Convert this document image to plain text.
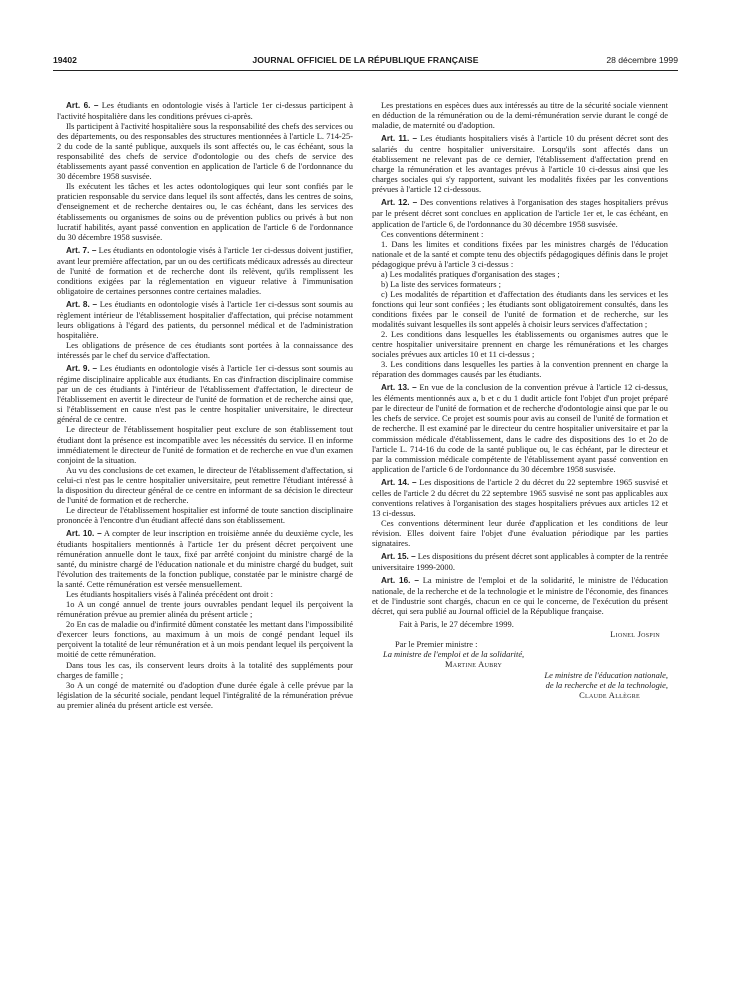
19402	JOURNAL OFFICIEL DE LA RÉPUBLIQUE FRANÇAISE	28 décembre 1999

Art. 6. – Les étudiants en odontologie visés à l'article 1er ci-dessus participent à l'activité hospitalière dans les conditions prévues ci-après.

Ils participent à l'activité hospitalière sous la responsabilité des chefs des services ou des départements, ou des responsables des structures mentionnées à l'article L. 714-25-2 du code de la santé publique, auxquels ils sont affectés ou, le cas échéant, sous la responsabilité des chefs de service d'odontologie ou des chefs de service des établissements ayant passé convention en application de l'article 6 de l'ordonnance du 30 décembre 1958 susvisée.

Ils exécutent les tâches et les actes odontologiques qui leur sont confiés par le praticien responsable du service dans lequel ils sont affectés, dans les centres de soins, d'enseignement et de recherche dentaires ou, le cas échéant, dans les services des établissements ou organismes de soins ou de prévention publics ou privés à but non lucratif habilités, ayant passé convention en application de l'article 6 de l'ordonnance du 30 décembre 1958 susvisée.

Art. 7. – Les étudiants en odontologie visés à l'article 1er ci-dessus doivent justifier, avant leur première affectation, par un ou des certificats médicaux adressés au directeur de l'unité de formation et de recherche dont ils relèvent, qu'ils remplissent les conditions exigées par la réglementation en vigueur relative à l'immunisation obligatoire de certaines personnes contre certaines maladies.

Art. 8. – Les étudiants en odontologie visés à l'article 1er ci-dessus sont soumis au règlement intérieur de l'établissement hospitalier d'affectation, qui précise notamment leurs obligations à l'égard des patients, du personnel médical et de l'administration hospitalière.

Les obligations de présence de ces étudiants sont portées à la connaissance des intéressés par le chef du service d'affectation.

Art. 9. – Les étudiants en odontologie visés à l'article 1er ci-dessus sont soumis au régime disciplinaire applicable aux étudiants. En cas d'infraction disciplinaire commise par un de ces étudiants à l'intérieur de l'établissement d'affectation, le directeur de l'établissement en avertit le directeur de l'unité de formation et de recherche ainsi que, si l'établissement en cause n'est pas le centre hospitalier universitaire, le directeur général de ce centre.

Le directeur de l'établissement hospitalier peut exclure de son établissement tout étudiant dont la présence est incompatible avec les nécessités du service. Il en informe immédiatement le directeur de l'unité de formation et de recherche en vue d'un examen conjoint de la situation.

Au vu des conclusions de cet examen, le directeur de l'établissement d'affectation, si celui-ci n'est pas le centre hospitalier universitaire, peut remettre l'étudiant intéressé à la disposition du directeur général de ce centre en informant de sa décision le directeur de l'unité de formation et de recherche.

Le directeur de l'établissement hospitalier est informé de toute sanction disciplinaire prononcée à l'encontre d'un étudiant affecté dans son établissement.

Art. 10. – A compter de leur inscription en troisième année du deuxième cycle, les étudiants hospitaliers mentionnés à l'article 1er du présent décret perçoivent une rémunération annuelle dont le taux, fixé par arrêté conjoint du ministre chargé de la santé, du ministre chargé de l'éducation nationale et du ministre chargé du budget, suit l'évolution des traitements de la fonction publique, constatée par le ministre chargé de la santé. Cette rémunération est versée mensuellement.

Les étudiants hospitaliers visés à l'alinéa précédent ont droit :

1o A un congé annuel de trente jours ouvrables pendant lequel ils perçoivent la rémunération prévue au premier alinéa du présent article ;

2o En cas de maladie ou d'infirmité dûment constatée les mettant dans l'impossibilité d'exercer leurs fonctions, au maximum à un mois de congé pendant lequel ils perçoivent la totalité de leur rémunération et à un mois pendant lequel ils perçoivent la moitié de cette rémunération.

Dans tous les cas, ils conservent leurs droits à la totalité des suppléments pour charges de famille ;

3o A un congé de maternité ou d'adoption d'une durée égale à celle prévue par la législation de la sécurité sociale, pendant lequel l'intégralité de la rémunération prévue au premier alinéa du présent article est versée.

Les prestations en espèces dues aux intéressés au titre de la sécurité sociale viennent en déduction de la rémunération ou de la demi-rémunération servie durant le congé de maladie, de maternité ou d'adoption.

Art. 11. – Les étudiants hospitaliers visés à l'article 10 du présent décret sont des salariés du centre hospitalier universitaire. Lorsqu'ils sont affectés dans un établissement ne relevant pas de ce dernier, l'établissement d'affectation prend en charge la rémunération et les avantages prévus à l'article 10 ci-dessus ainsi que les charges sociales qui s'y rapportent, suivant les modalités fixées par les conventions prévues à l'article 12 ci-dessous.

Art. 12. – Des conventions relatives à l'organisation des stages hospitaliers prévus par le présent décret sont conclues en application de l'article 1er et, le cas échéant, en application de l'article 6, de l'ordonnance du 30 décembre 1958 susvisée.

Ces conventions déterminent :

1. Dans les limites et conditions fixées par les ministres chargés de l'éducation nationale et de la santé et compte tenu des objectifs pédagogiques définis dans le projet pédagogique prévu à l'article 3 ci-dessus :

a) Les modalités pratiques d'organisation des stages ;

b) La liste des services formateurs ;

c) Les modalités de répartition et d'affectation des étudiants dans les services et les fonctions qui leur sont confiées ; les étudiants sont obligatoirement consultés, dans les conditions fixées par le conseil de l'unité de formation et de recherche, sur les modalités suivant lesquelles ils sont appelés à choisir leurs services d'affectation ;

2. Les conditions dans lesquelles les établissements ou organismes autres que le centre hospitalier universitaire prennent en charge les rémunérations et les charges sociales prévues aux articles 10 et 11 ci-dessus ;

3. Les conditions dans lesquelles les parties à la convention prennent en charge la réparation des dommages causés par les étudiants.

Art. 13. – En vue de la conclusion de la convention prévue à l'article 12 ci-dessus, les éléments mentionnés aux a, b et c du 1 dudit article font l'objet d'un projet préparé par le directeur de l'unité de formation et de recherche d'odontologie ainsi que par le ou les chefs de service. Ce projet est soumis pour avis au conseil de l'unité de formation et de recherche. Il est examiné par le directeur du centre hospitalier universitaire et par la commission médicale d'établissement, dans le cadre des dispositions des 1o et 2o de l'article L. 714-16 du code de la santé publique ou, le cas échéant, par le directeur et par la commission médicale compétente de l'établissement ayant passé convention en application de l'article 6 de l'ordonnance du 30 décembre 1958 susvisée.

Art. 14. – Les dispositions de l'article 2 du décret du 22 septembre 1965 susvisé et celles de l'article 2 du décret du 22 septembre 1965 susvisé ne sont pas applicables aux conventions relatives à l'organisation des stages hospitaliers prévues aux articles 12 et 13 ci-dessus.

Ces conventions déterminent leur durée d'application et les conditions de leur révision. Elles doivent faire l'objet d'une évaluation périodique par les parties signataires.

Art. 15. – Les dispositions du présent décret sont applicables à compter de la rentrée universitaire 1999-2000.

Art. 16. – La ministre de l'emploi et de la solidarité, le ministre de l'éducation nationale, de la recherche et de la technologie et le ministre de l'économie, des finances et de l'industrie sont chargés, chacun en ce qui le concerne, de l'exécution du présent décret, qui sera publié au Journal officiel de la République française.

Fait à Paris, le 27 décembre 1999.

Lionel Jospin

Par le Premier ministre :

La ministre de l'emploi et de la solidarité,

Martine Aubry

Le ministre de l'éducation nationale,

de la recherche et de la technologie,

Claude Allègre
